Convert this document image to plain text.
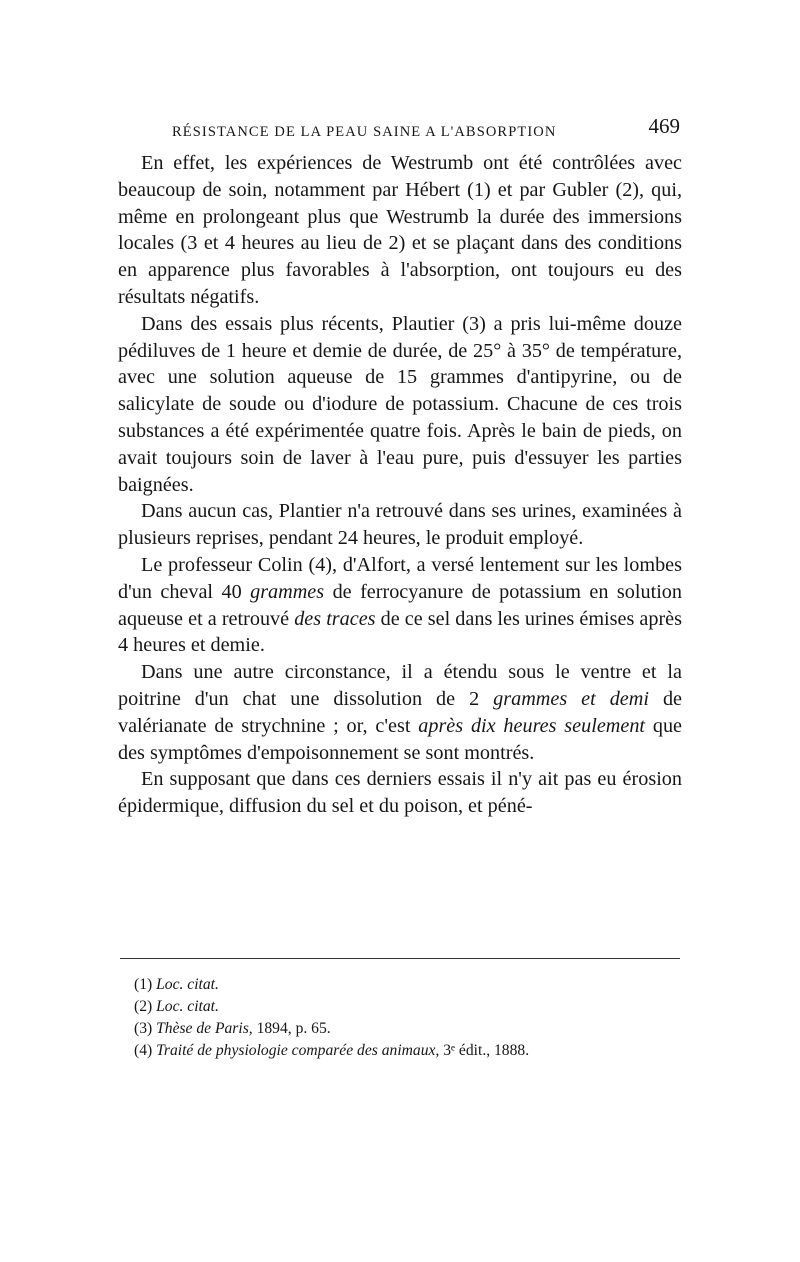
RÉSISTANCE DE LA PEAU SAINE A L'ABSORPTION	469

En effet, les expériences de Westrumb ont été contrôlées avec beaucoup de soin, notamment par Hébert (1) et par Gubler (2), qui, même en prolongeant plus que Westrumb la durée des immersions locales (3 et 4 heures au lieu de 2) et se plaçant dans des conditions en apparence plus favorables à l'absorption, ont toujours eu des résultats négatifs.

Dans des essais plus récents, Plautier (3) a pris lui-même douze pédiluves de 1 heure et demie de durée, de 25° à 35° de température, avec une solution aqueuse de 15 grammes d'antipyrine, ou de salicylate de soude ou d'iodure de potassium. Chacune de ces trois substances a été expérimentée quatre fois. Après le bain de pieds, on avait toujours soin de laver à l'eau pure, puis d'essuyer les parties baignées.

Dans aucun cas, Plantier n'a retrouvé dans ses urines, examinées à plusieurs reprises, pendant 24 heures, le produit employé.

Le professeur Colin (4), d'Alfort, a versé lentement sur les lombes d'un cheval 40 grammes de ferrocyanure de potassium en solution aqueuse et a retrouvé des traces de ce sel dans les urines émises après 4 heures et demie.

Dans une autre circonstance, il a étendu sous le ventre et la poitrine d'un chat une dissolution de 2 grammes et demi de valérianate de strychnine ; or, c'est après dix heures seulement que des symptômes d'empoisonnement se sont montrés.

En supposant que dans ces derniers essais il n'y ait pas eu érosion épidermique, diffusion du sel et du poison, et péné-

(1) Loc. citat.
(2) Loc. citat.
(3) Thèse de Paris, 1894, p. 65.
(4) Traité de physiologie comparée des animaux, 3ᵉ édit., 1888.
